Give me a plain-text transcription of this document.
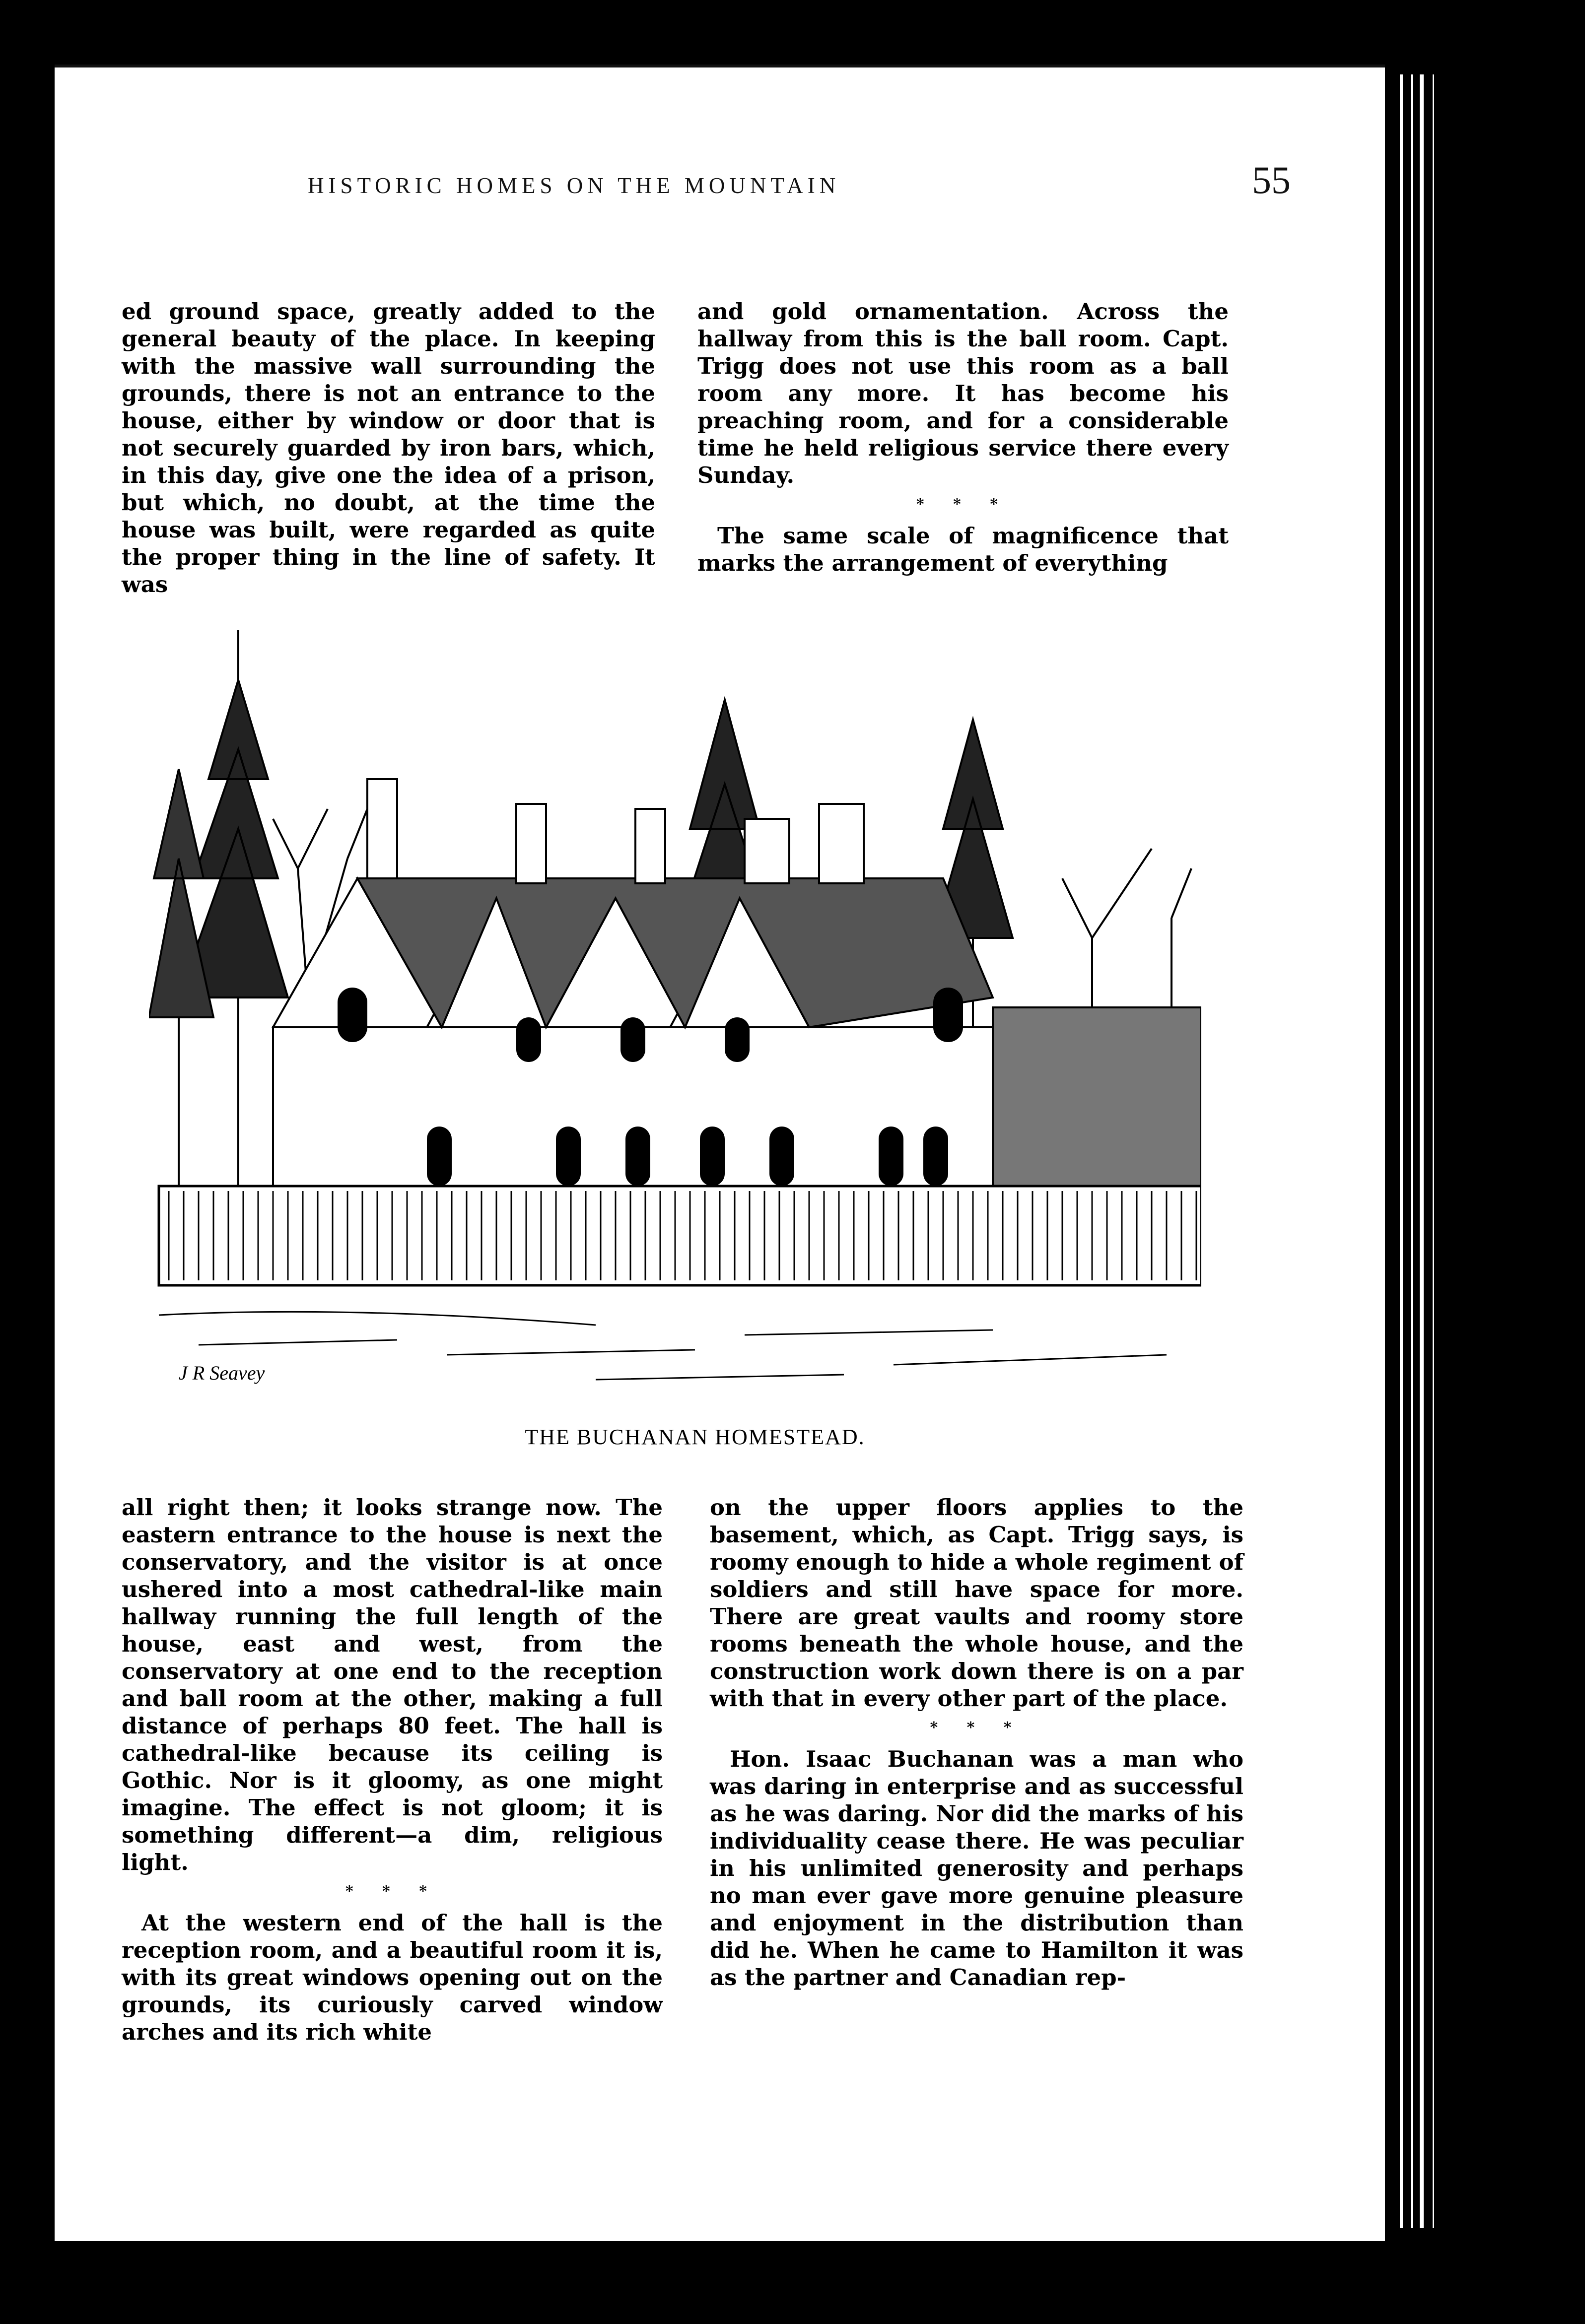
HISTORIC HOMES ON THE MOUNTAIN	55

ed ground space, greatly added to the general beauty of the place. In keeping with the massive wall surrounding the grounds, there is not an entrance to the house, either by window or door that is not securely guarded by iron bars, which, in this day, give one the idea of a prison, but which, no doubt, at the time the house was built, were regarded as quite the proper thing in the line of safety. It was

and gold ornamentation. Across the hallway from this is the ball room. Capt. Trigg does not use this room as a ball room any more. It has become his preaching room, and for a considerable time he held religious service there every Sunday.

* * *

The same scale of magnificence that marks the arrangement of everything

J R Seavey
THE BUCHANAN HOMESTEAD.

all right then; it looks strange now. The eastern entrance to the house is next the conservatory, and the visitor is at once ushered into a most cathedral-like main hallway running the full length of the house, east and west, from the conservatory at one end to the reception and ball room at the other, making a full distance of perhaps 80 feet. The hall is cathedral-like because its ceiling is Gothic. Nor is it gloomy, as one might imagine. The effect is not gloom; it is something different—a dim, religious light.

* * *

At the western end of the hall is the reception room, and a beautiful room it is, with its great windows opening out on the grounds, its curiously carved window arches and its rich white

on the upper floors applies to the basement, which, as Capt. Trigg says, is roomy enough to hide a whole regiment of soldiers and still have space for more. There are great vaults and roomy store rooms beneath the whole house, and the construction work down there is on a par with that in every other part of the place.

* * *

Hon. Isaac Buchanan was a man who was daring in enterprise and as successful as he was daring. Nor did the marks of his individuality cease there. He was peculiar in his unlimited generosity and perhaps no man ever gave more genuine pleasure and enjoyment in the distribution than did he. When he came to Hamilton it was as the partner and Canadian rep-
